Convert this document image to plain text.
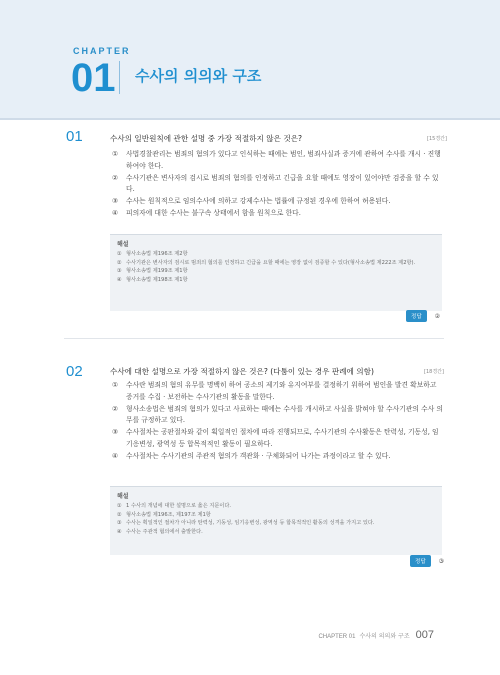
CHAPTER
01 수사의 의의와 구조
01	수사의 일반원칙에 관한 설명 중 가장 적절하지 않은 것은?	[15경간]
①	사법경찰관리는 범죄의 혐의가 있다고 인식하는 때에는 범인, 범죄사실과 증거에 관하여 수사를 개시 · 진행하여야 한다.
②	수사기관은 변사자의 검시로 범죄의 혐의를 인정하고 긴급을 요할 때에도 영장이 있어야만 검증을 할 수 있다.
③	수사는 원칙적으로 임의수사에 의하고 강제수사는 법률에 규정된 경우에 한하여 허용된다.
④	피의자에 대한 수사는 불구속 상태에서 함을 원칙으로 한다.
해설
① 형사소송법 제196조 제2항
② 수사기관은 변사자의 검시로 범죄의 혐의를 인정하고 긴급을 요할 때에는 영장 없이 검증할 수 있다(형사소송법 제222조 제2항).
③ 형사소송법 제199조 제1항
④ 형사소송법 제198조 제1항
정답	②
02	수사에 대한 설명으로 가장 적절하지 않은 것은? (다툼이 있는 경우 판례에 의함)	[18경간]
①	수사란 범죄의 혐의 유무를 명백히 하여 공소의 제기와 유지여부를 결정하기 위하여 범인을 발견 확보하고 증거를 수집 · 보전하는 수사기관의 활동을 말한다.
②	형사소송법은 범죄의 혐의가 있다고 사료하는 때에는 수사를 개시하고 사실을 밝혀야 할 수사기관의 수사 의무를 규정하고 있다.
③	수사절차는 공판절차와 같이 획일적인 절차에 따라 진행되므로, 수사기관의 수사활동은 탄력성, 기동성, 임기응변성, 광역성 등 합목적적인 활동이 필요하다.
④	수사절차는 수사기관의 주관적 혐의가 객관화 · 구체화되어 나가는 과정이라고 할 수 있다.
해설
① 1 수사의 개념에 대한 설명으로 옳은 지문이다.
② 형사소송법 제196조, 제197조 제1항
③ 수사는 획일적인 절차가 아니라 탄력성, 기동성, 임기응변성, 광역성 등 합목적적인 활동의 성격을 가지고 있다.
④ 수사는 주관적 혐의에서 출발한다.
정답	③
CHAPTER 01 수사의 의의와 구조 007
